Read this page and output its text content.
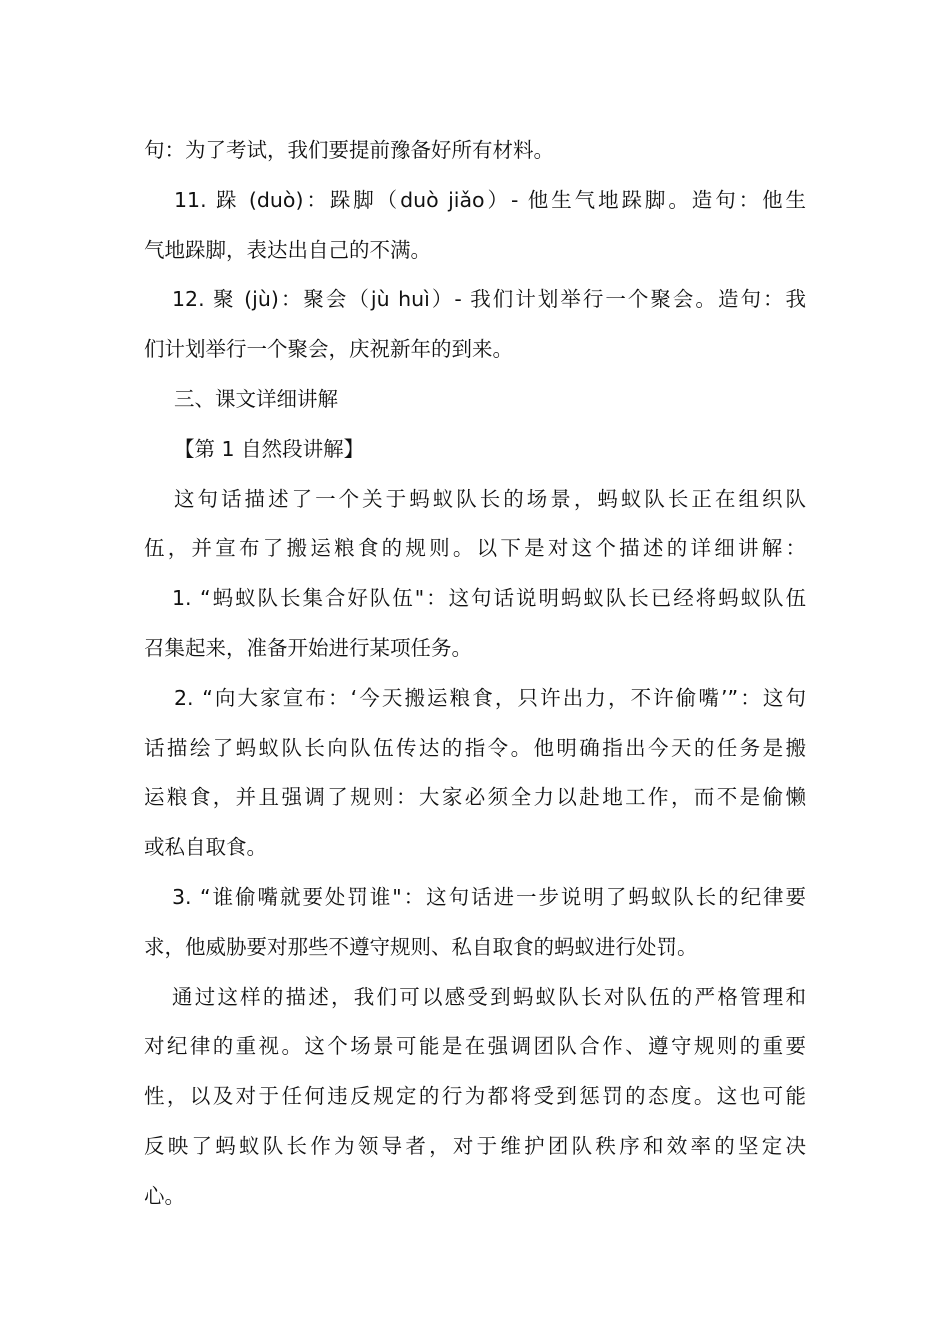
句：为了考试，我们要提前豫备好所有材料。
11. 跺 (duò)：跺脚（duò jiǎo）- 他生气地跺脚。造句：他生
气地跺脚，表达出自己的不满。
12. 聚 (jù)：聚会（jù huì）- 我们计划举行一个聚会。造句：我
们计划举行一个聚会，庆祝新年的到来。
三、课文详细讲解
【第 1 自然段讲解】
这句话描述了一个关于蚂蚁队长的场景，蚂蚁队长正在组织队
伍，并宣布了搬运粮食的规则。以下是对这个描述的详细讲解：
1. “蚂蚁队长集合好队伍"：这句话说明蚂蚁队长已经将蚂蚁队伍
召集起来，准备开始进行某项任务。
2. “向大家宣布：‘今天搬运粮食，只许出力，不许偷嘴’”：这句
话描绘了蚂蚁队长向队伍传达的指令。他明确指出今天的任务是搬
运粮食，并且强调了规则：大家必须全力以赴地工作，而不是偷懒
或私自取食。
3. “谁偷嘴就要处罚谁"：这句话进一步说明了蚂蚁队长的纪律要
求，他威胁要对那些不遵守规则、私自取食的蚂蚁进行处罚。
通过这样的描述，我们可以感受到蚂蚁队长对队伍的严格管理和
对纪律的重视。这个场景可能是在强调团队合作、遵守规则的重要
性，以及对于任何违反规定的行为都将受到惩罚的态度。这也可能
反映了蚂蚁队长作为领导者，对于维护团队秩序和效率的坚定决
心。
